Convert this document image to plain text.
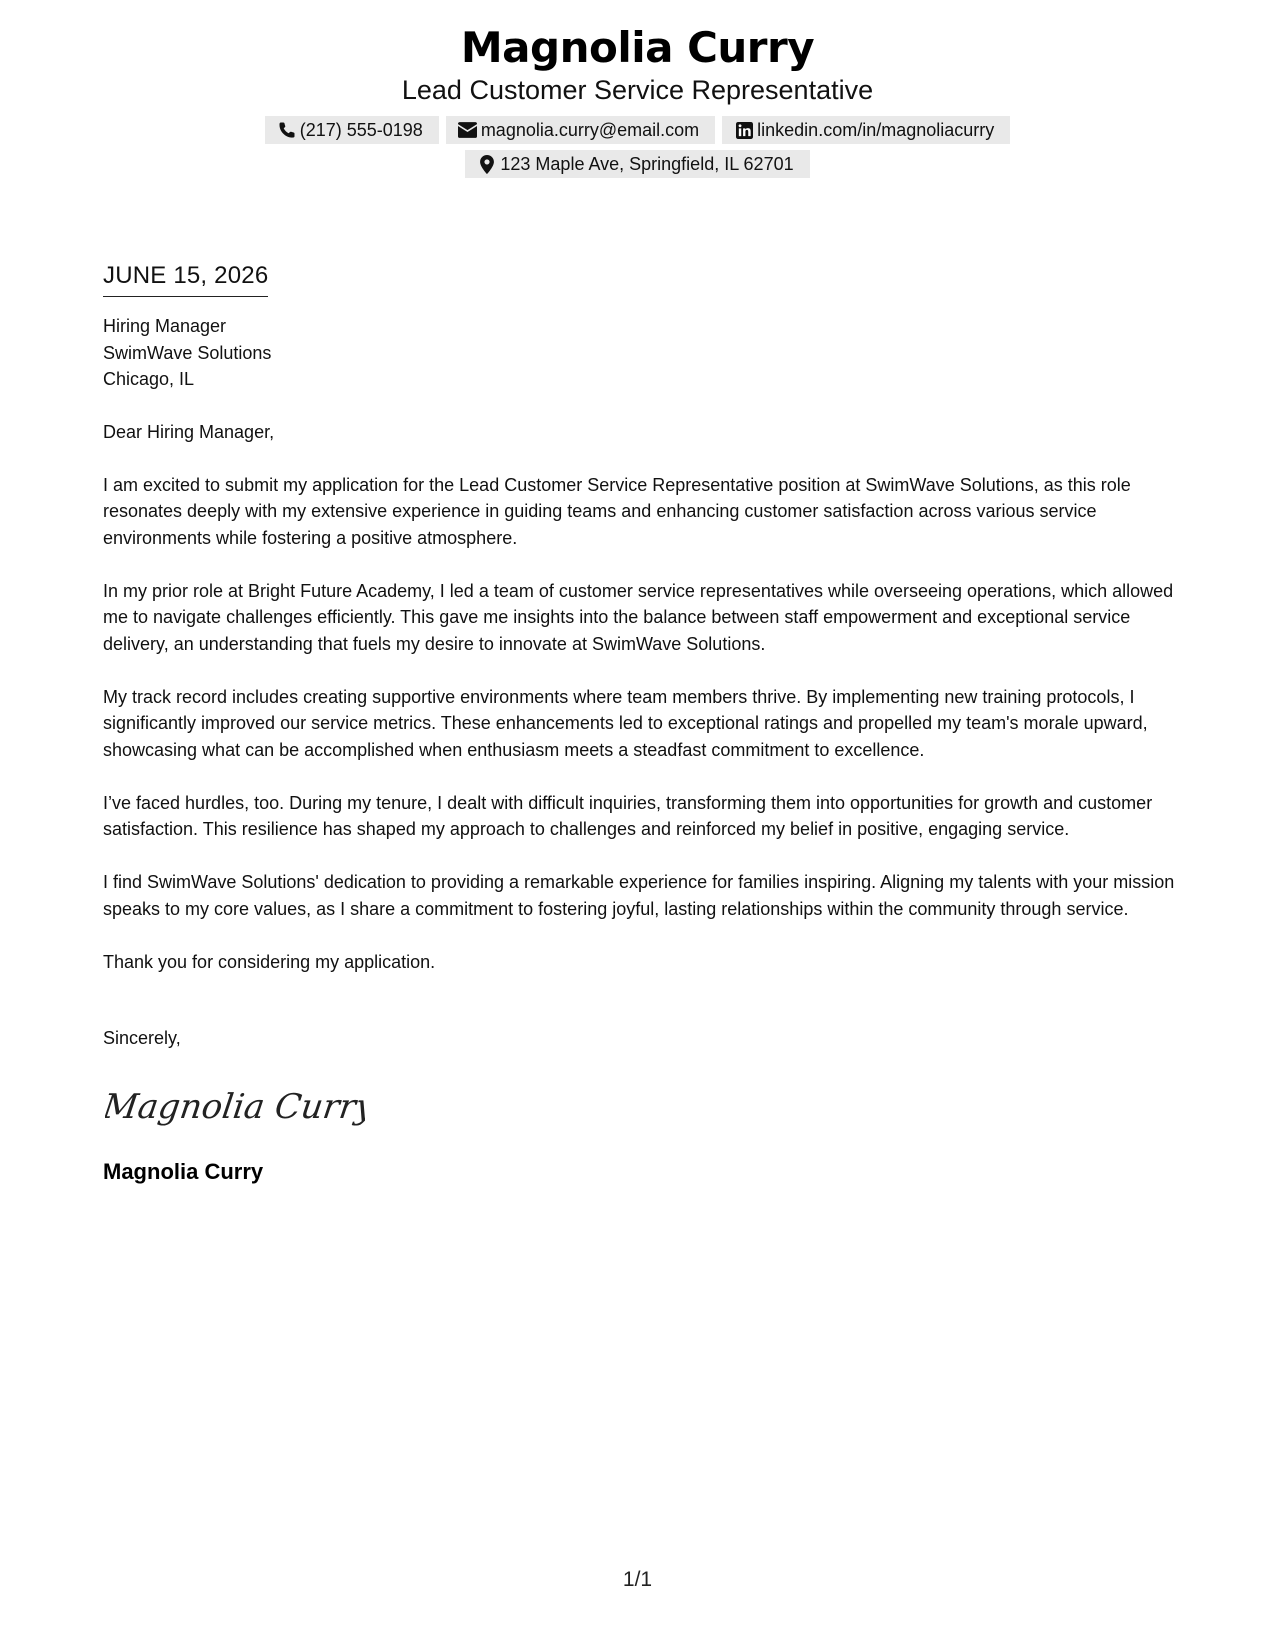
Magnolia Curry
Lead Customer Service Representative
(217) 555-0198	magnolia.curry@email.com	linkedin.com/in/magnoliacurry
123 Maple Ave, Springfield, IL 62701
JUNE 15, 2026
Hiring Manager
SwimWave Solutions
Chicago, IL
Dear Hiring Manager,

I am excited to submit my application for the Lead Customer Service Representative position at SwimWave Solutions, as this role resonates deeply with my extensive experience in guiding teams and enhancing customer satisfaction across various service environments while fostering a positive atmosphere.

In my prior role at Bright Future Academy, I led a team of customer service representatives while overseeing operations, which allowed me to navigate challenges efficiently. This gave me insights into the balance between staff empowerment and exceptional service delivery, an understanding that fuels my desire to innovate at SwimWave Solutions.

My track record includes creating supportive environments where team members thrive. By implementing new training protocols, I significantly improved our service metrics. These enhancements led to exceptional ratings and propelled my team's morale upward, showcasing what can be accomplished when enthusiasm meets a steadfast commitment to excellence.

I’ve faced hurdles, too. During my tenure, I dealt with difficult inquiries, transforming them into opportunities for growth and customer satisfaction. This resilience has shaped my approach to challenges and reinforced my belief in positive, engaging service.

I find SwimWave Solutions' dedication to providing a remarkable experience for families inspiring. Aligning my talents with your mission speaks to my core values, as I share a commitment to fostering joyful, lasting relationships within the community through service.

Thank you for considering my application.

Sincerely,
Magnolia Curry
Magnolia Curry
1/1
